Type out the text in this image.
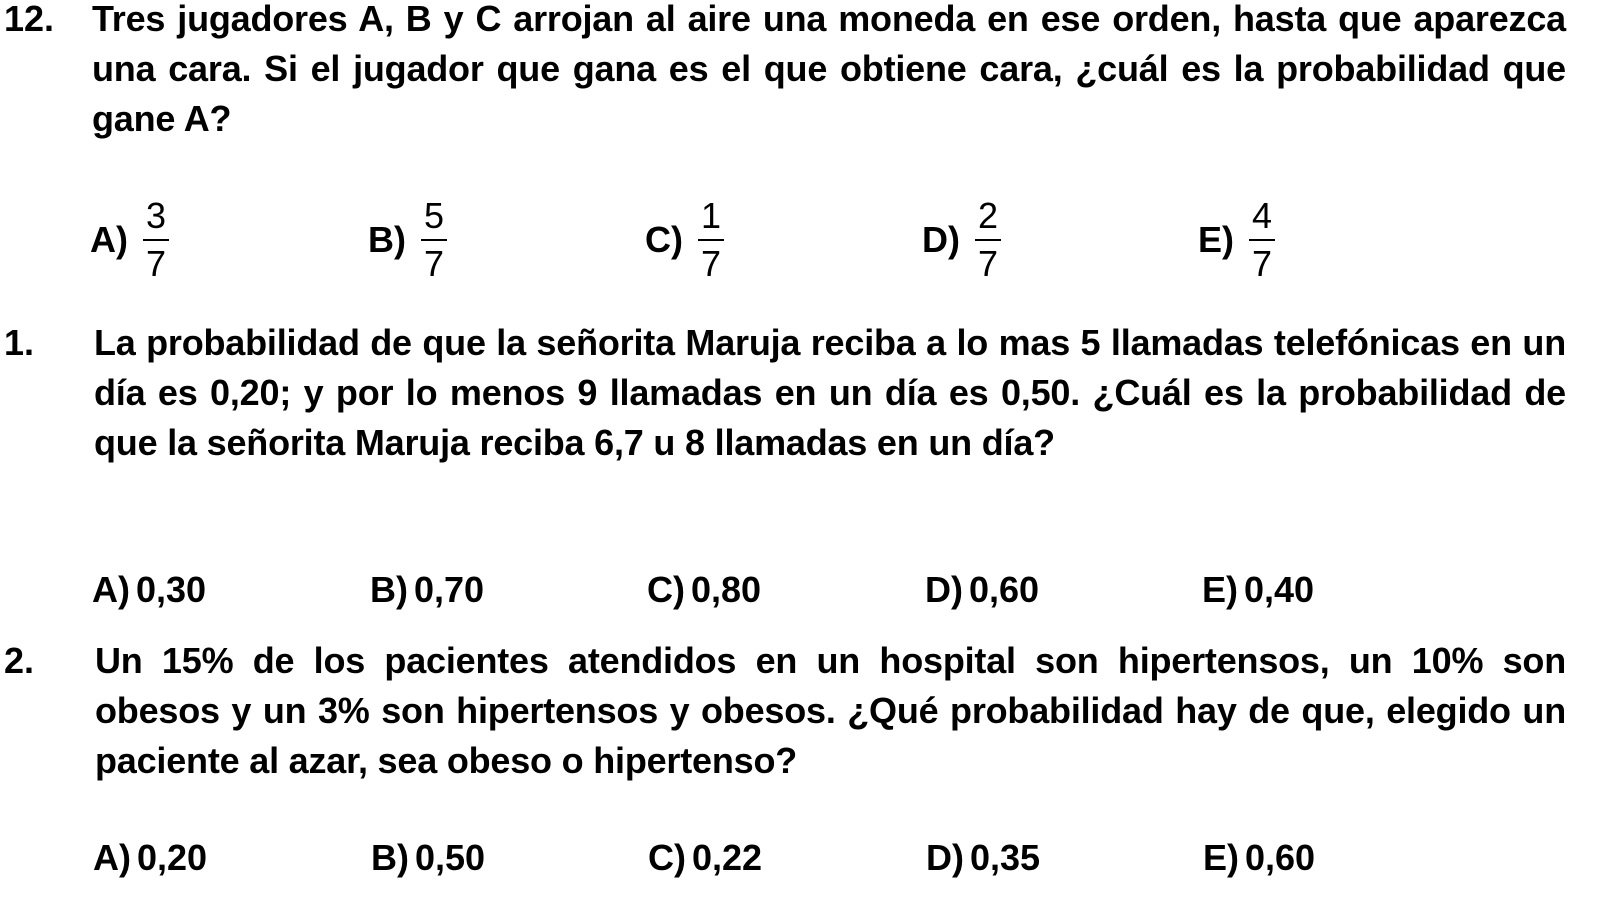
12. Tres jugadores A, B y C arrojan al aire una moneda en ese orden, hasta que aparezca una cara. Si el jugador que gana es el que obtiene cara, ¿cuál es la probabilidad que gane A?
$A) \frac{3}{7}$	$B) \frac{5}{7}$	$C) \frac{1}{7}$	$D) \frac{2}{7}$	$E) \frac{4}{7}$
1. La probabilidad de que la señorita Maruja reciba a lo mas 5 llamadas telefónicas en un día es 0,20; y por lo menos 9 llamadas en un día es 0,50. ¿Cuál es la probabilidad de que la señorita Maruja reciba 6,7 u 8 llamadas en un día?
A) 0,30	B) 0,70	C) 0,80	D) 0,60	E) 0,40
2. Un 15% de los pacientes atendidos en un hospital son hipertensos, un 10% son obesos y un 3% son hipertensos y obesos. ¿Qué probabilidad hay de que, elegido un paciente al azar, sea obeso o hipertenso?
A) 0,20	B) 0,50	C) 0,22	D) 0,35	E) 0,60
